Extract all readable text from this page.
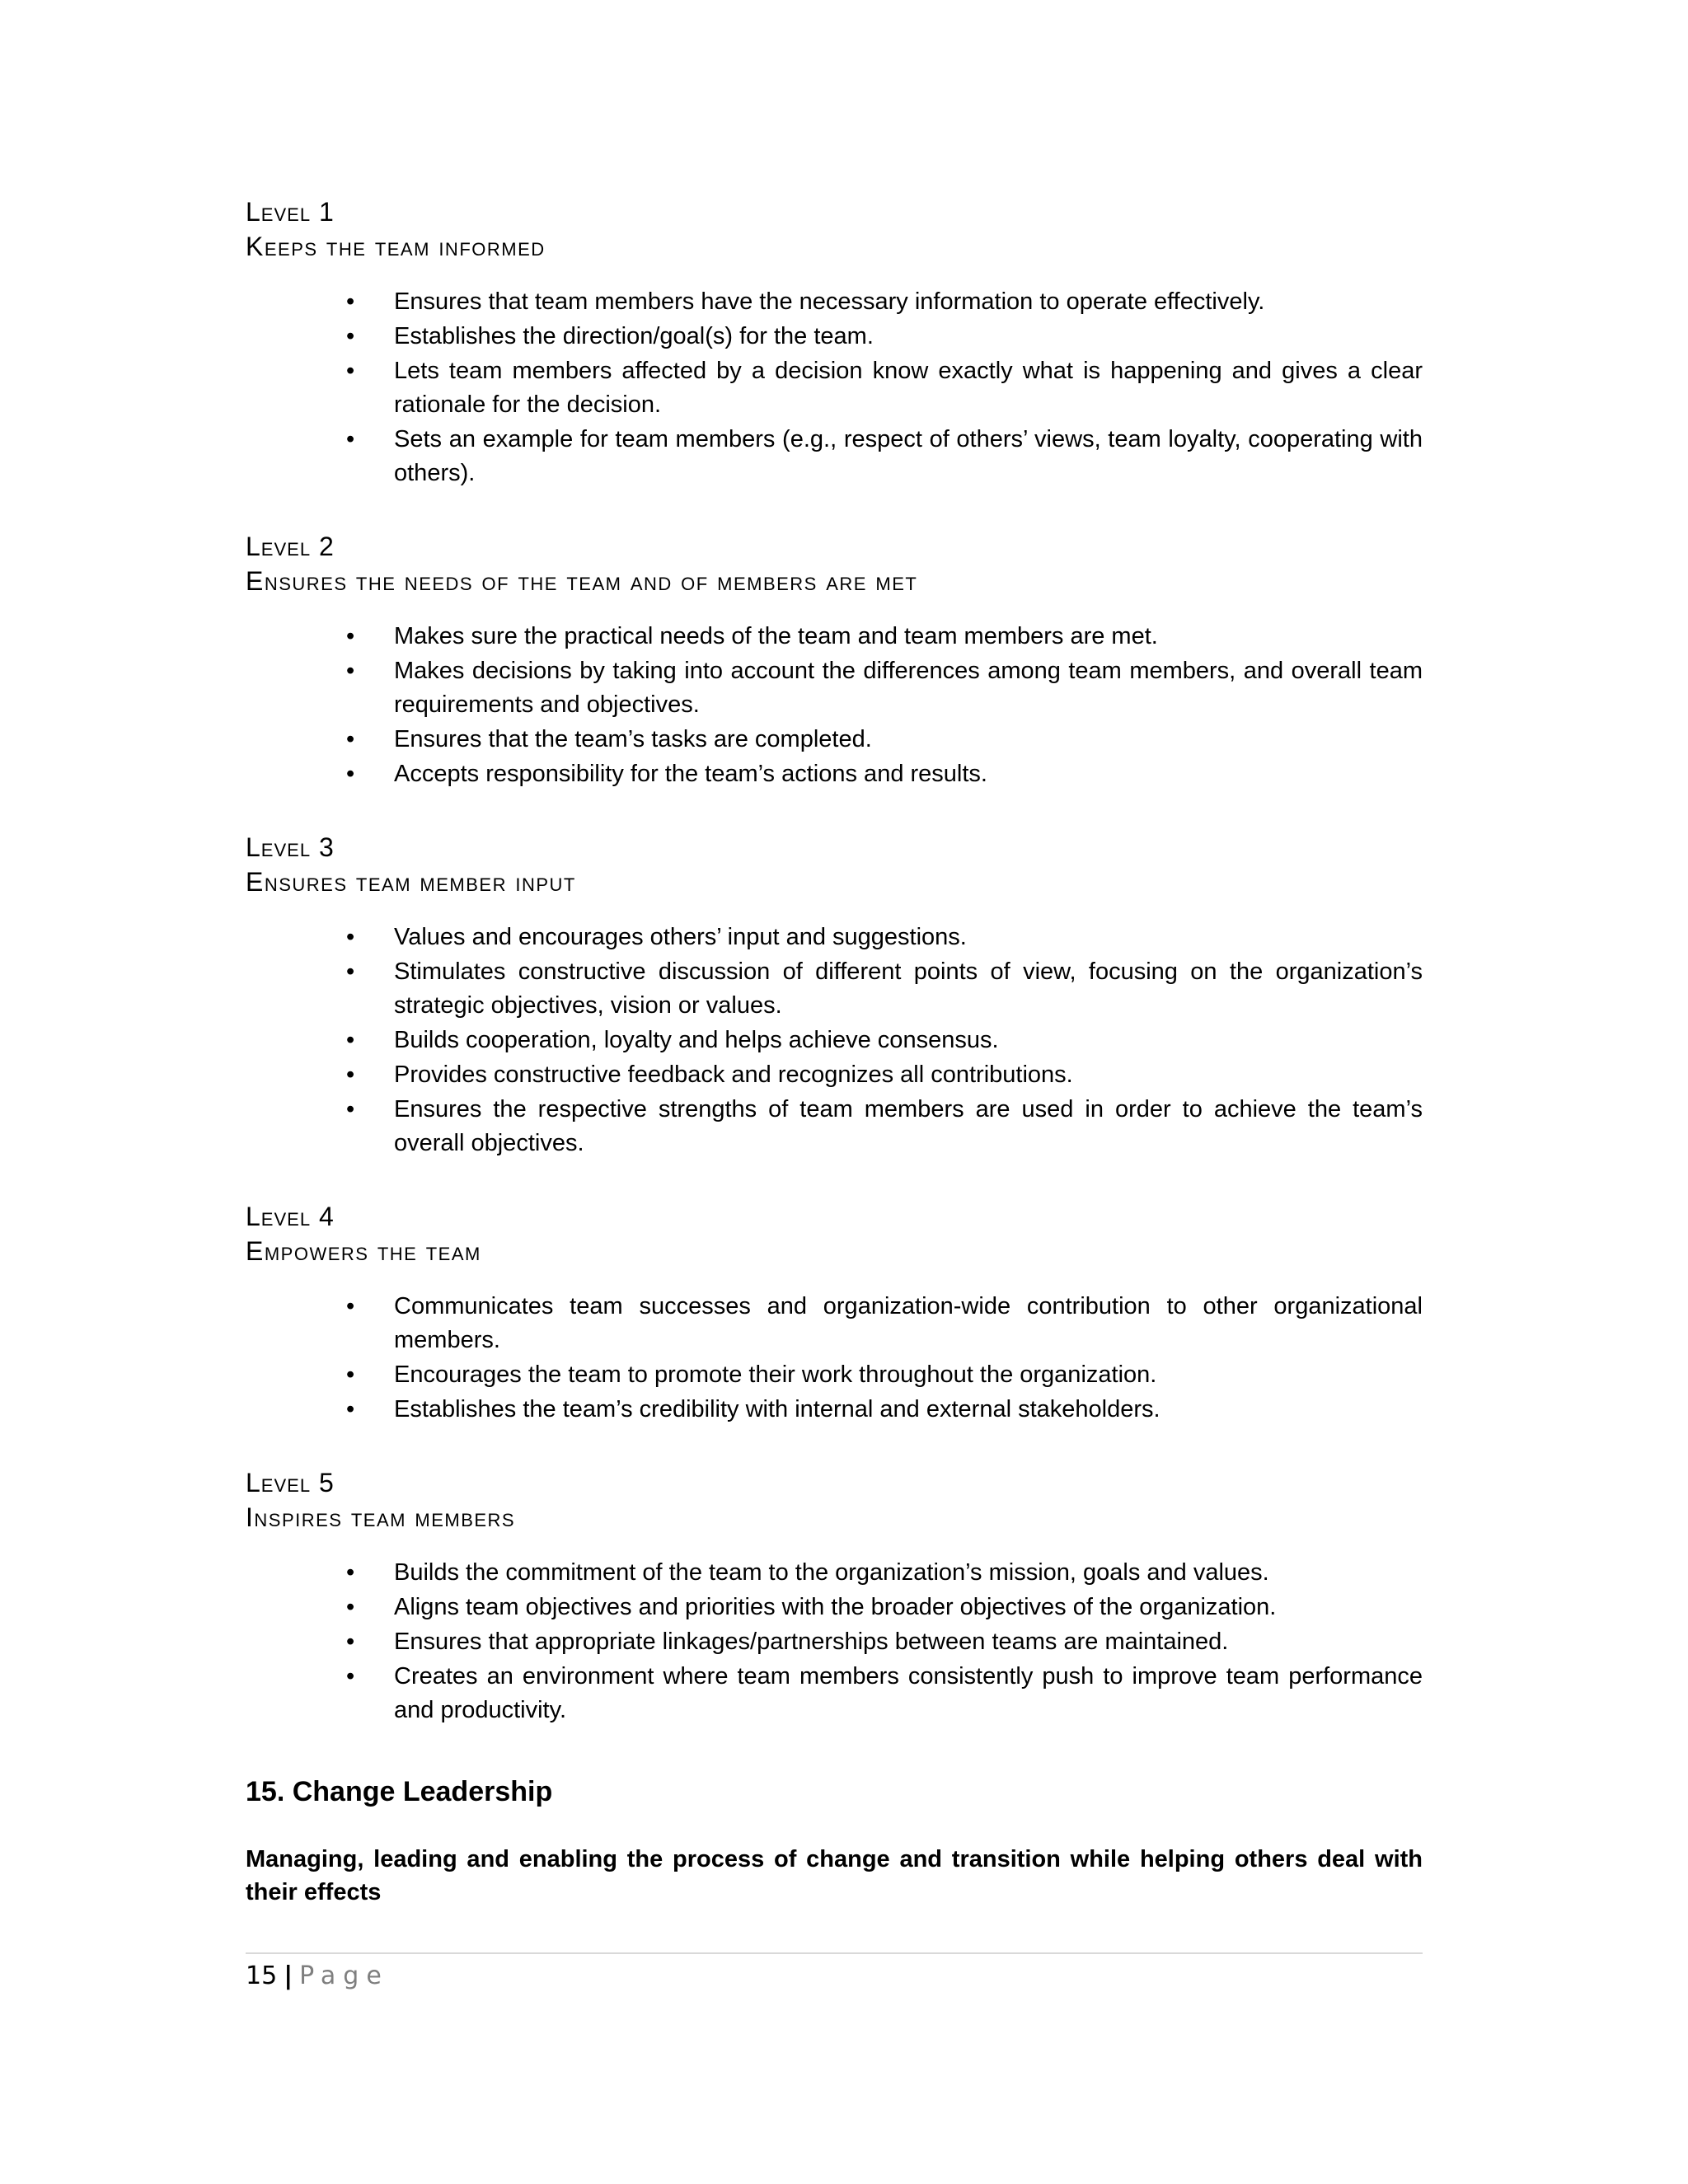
Level 1

Keeps the team informed

• Ensures that team members have the necessary information to operate effectively.
• Establishes the direction/goal(s) for the team.
• Lets team members affected by a decision know exactly what is happening and gives a clear rationale for the decision.
• Sets an example for team members (e.g., respect of others’ views, team loyalty, cooperating with others).

Level 2

Ensures the needs of the team and of members are met

• Makes sure the practical needs of the team and team members are met.
• Makes decisions by taking into account the differences among team members, and overall team requirements and objectives.
• Ensures that the team’s tasks are completed.
• Accepts responsibility for the team’s actions and results.

Level 3

Ensures team member input

• Values and encourages others’ input and suggestions.
• Stimulates constructive discussion of different points of view, focusing on the organization’s strategic objectives, vision or values.
• Builds cooperation, loyalty and helps achieve consensus.
• Provides constructive feedback and recognizes all contributions.
• Ensures the respective strengths of team members are used in order to achieve the team’s overall objectives.

Level 4

Empowers the team

• Communicates team successes and organization-wide contribution to other organizational members.
• Encourages the team to promote their work throughout the organization.
• Establishes the team’s credibility with internal and external stakeholders.

Level 5

Inspires team members

• Builds the commitment of the team to the organization’s mission, goals and values.
• Aligns team objectives and priorities with the broader objectives of the organization.
• Ensures that appropriate linkages/partnerships between teams are maintained.
• Creates an environment where team members consistently push to improve team performance and productivity.
15. Change Leadership

Managing, leading and enabling the process of change and transition while helping others deal with their effects

15 | Page
